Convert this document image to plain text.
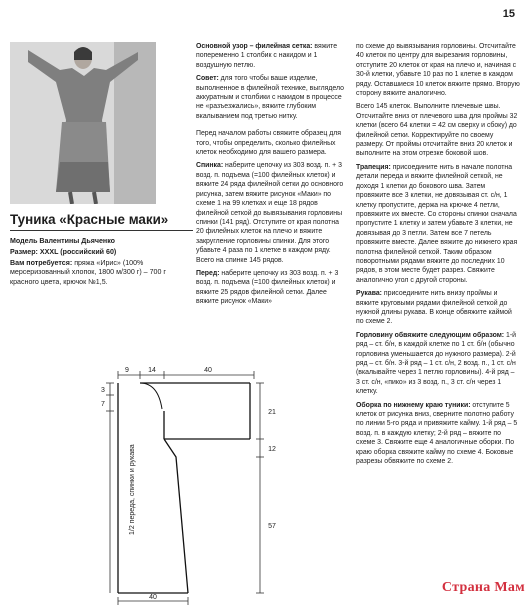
15
Туника «Красные маки»
Модель Валентины Дьяченко
Размер: XXXL (российский 60)
Вам потребуется: пряжа «Ирис» (100% мерсеризованный хлопок, 1800 м/300 г) – 700 г красного цвета, крючок №1,5.

Основной узор – филейная сетка: вяжите попеременно 1 столбик с накидом и 1 воздушную петлю.

Совет: для того чтобы ваше изделие, выполненное в филейной технике, выглядело аккуратным и столбики с накидом в процессе не «разъезжались», вяжите глубоким вкалыванием под третью нитку.

Перед началом работы свяжите образец для того, чтобы определить, сколько филейных клеток необходимо для вашего размера.

Спинка: наберите цепочку из 303 возд. п. + 3 возд. п. подъема (=100 филейных клеток) и вяжите 24 ряда филейной сетки до основного рисунка, затем вяжите рисунок «Маки» по схеме 1 на 99 клетках и еще 18 рядов филейной сеткой до вывязывания горловины спинки (141 ряд). Отступите от края полотна 20 филейных клеток на плечо и вяжите закругление горловины спинки. Для этого убавьте 4 раза по 1 клетке в каждом ряду. Всего на спинке 145 рядов.

Перед: наберите цепочку из 303 возд. п. + 3 возд. п. подъема (=100 филейных клеток) и вяжите 25 рядов филейной сетки. Далее вяжите рисунок «Маки»

по схеме до вывязывания горловины. Отсчитайте 40 клеток по центру для вырезания горловины, отступите 20 клеток от края на плечо и, начиная с 30-й клетки, убавьте 10 раз по 1 клетке в каждом ряду. Оставшиеся 10 клеток вяжите прямо. Вторую сторону вяжите аналогично.

Всего 145 клеток. Выполните плечевые швы. Отсчитайте вниз от плечевого шва для проймы 32 клетки (всего 64 клетки = 42 см сверху и сбоку) до филейной сетки. Корректируйте по своему размеру. От проймы отсчитайте вниз 20 клеток и выполните на этом отрезке боковой шов.

Трапеция: присоедините нить в начале полотна детали переда и вяжите филейной сеткой, не доходя 1 клетки до бокового шва. Затем провяжите все 3 клетки, не довязывая ст. с/н, 1 клетку пропустите, держа на крючке 4 петли, провяжите их вместе. Со стороны спинки сначала пропустите 1 клетку и затем убавьте 3 клетки, не довязывая до 3 петли. Затем все 7 петель провяжите вместе. Далее вяжите до нижнего края полотна филейной сеткой. Таким образом поворотными рядами вяжите до последних 10 рядов, в этом месте будет разрез. Свяжите аналогично угол с другой стороны.

Рукава: присоедините нить внизу проймы и вяжите круговыми рядами филейной сеткой до нужной длины рукава. В конце обвяжите каймой по схеме 2.

Горловину обвяжите следующим образом: 1-й ряд – ст. б/н, в каждой клетке по 1 ст. б/н (обычно горловина уменьшается до нужного размера). 2-й ряд – ст. б/н. 3-й ряд – 1 ст. с/н, 2 возд. п., 1 ст. с/н (вкалывайте через 1 петлю горловины). 4-й ряд – 3 ст. с/н, «пико» из 3 возд. п., 3 ст. с/н через 1 клетку.

Оборка по нижнему краю туники: отступите 5 клеток от рисунка вниз, сверните полотно работу по линии 5-го ряда и привяжите кайму. 1-й ряд – 5 возд. п. в каждую клетку; 2-й ряд – вяжите по схеме 3. Свяжите еще 4 аналогичные оборки. По краю оборка свяжите кайму по схеме 4. Боковые разрезы обвяжите по схеме 2.

9	14	40
3
7
21
12
57
40
1/2 переда, спинки и рукава
Страна Мам
